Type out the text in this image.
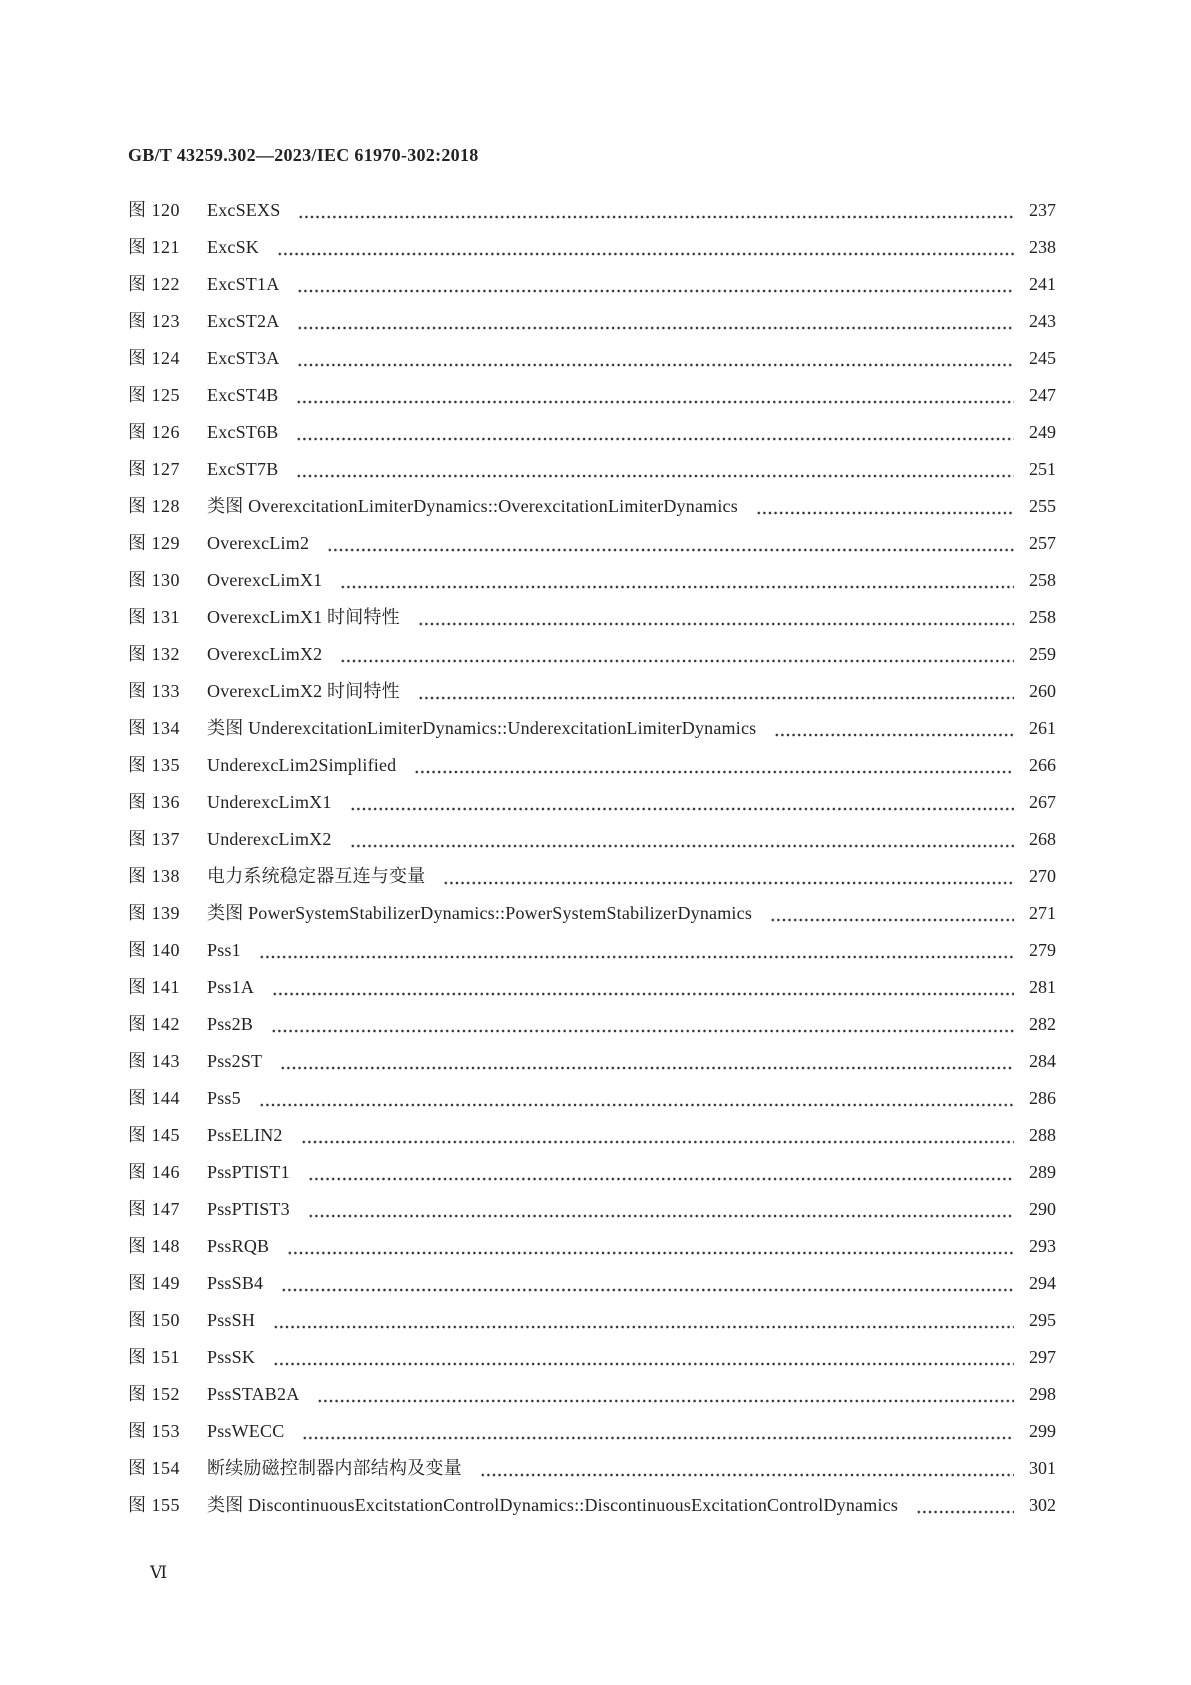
GB/T 43259.302—2023/IEC 61970-302:2018
图 120	ExcSEXS	237
图 121	ExcSK	238
图 122	ExcST1A	241
图 123	ExcST2A	243
图 124	ExcST3A	245
图 125	ExcST4B	247
图 126	ExcST6B	249
图 127	ExcST7B	251
图 128	类图 OverexcitationLimiterDynamics::OverexcitationLimiterDynamics	255
图 129	OverexcLim2	257
图 130	OverexcLimX1	258
图 131	OverexcLimX1 时间特性	258
图 132	OverexcLimX2	259
图 133	OverexcLimX2 时间特性	260
图 134	类图 UnderexcitationLimiterDynamics::UnderexcitationLimiterDynamics	261
图 135	UnderexcLim2Simplified	266
图 136	UnderexcLimX1	267
图 137	UnderexcLimX2	268
图 138	电力系统稳定器互连与变量	270
图 139	类图 PowerSystemStabilizerDynamics::PowerSystemStabilizerDynamics	271
图 140	Pss1	279
图 141	Pss1A	281
图 142	Pss2B	282
图 143	Pss2ST	284
图 144	Pss5	286
图 145	PssELIN2	288
图 146	PssPTIST1	289
图 147	PssPTIST3	290
图 148	PssRQB	293
图 149	PssSB4	294
图 150	PssSH	295
图 151	PssSK	297
图 152	PssSTAB2A	298
图 153	PssWECC	299
图 154	断续励磁控制器内部结构及变量	301
图 155	类图 DiscontinuousExcitstationControlDynamics::DiscontinuousExcitationControlDynamics	302
Ⅵ
